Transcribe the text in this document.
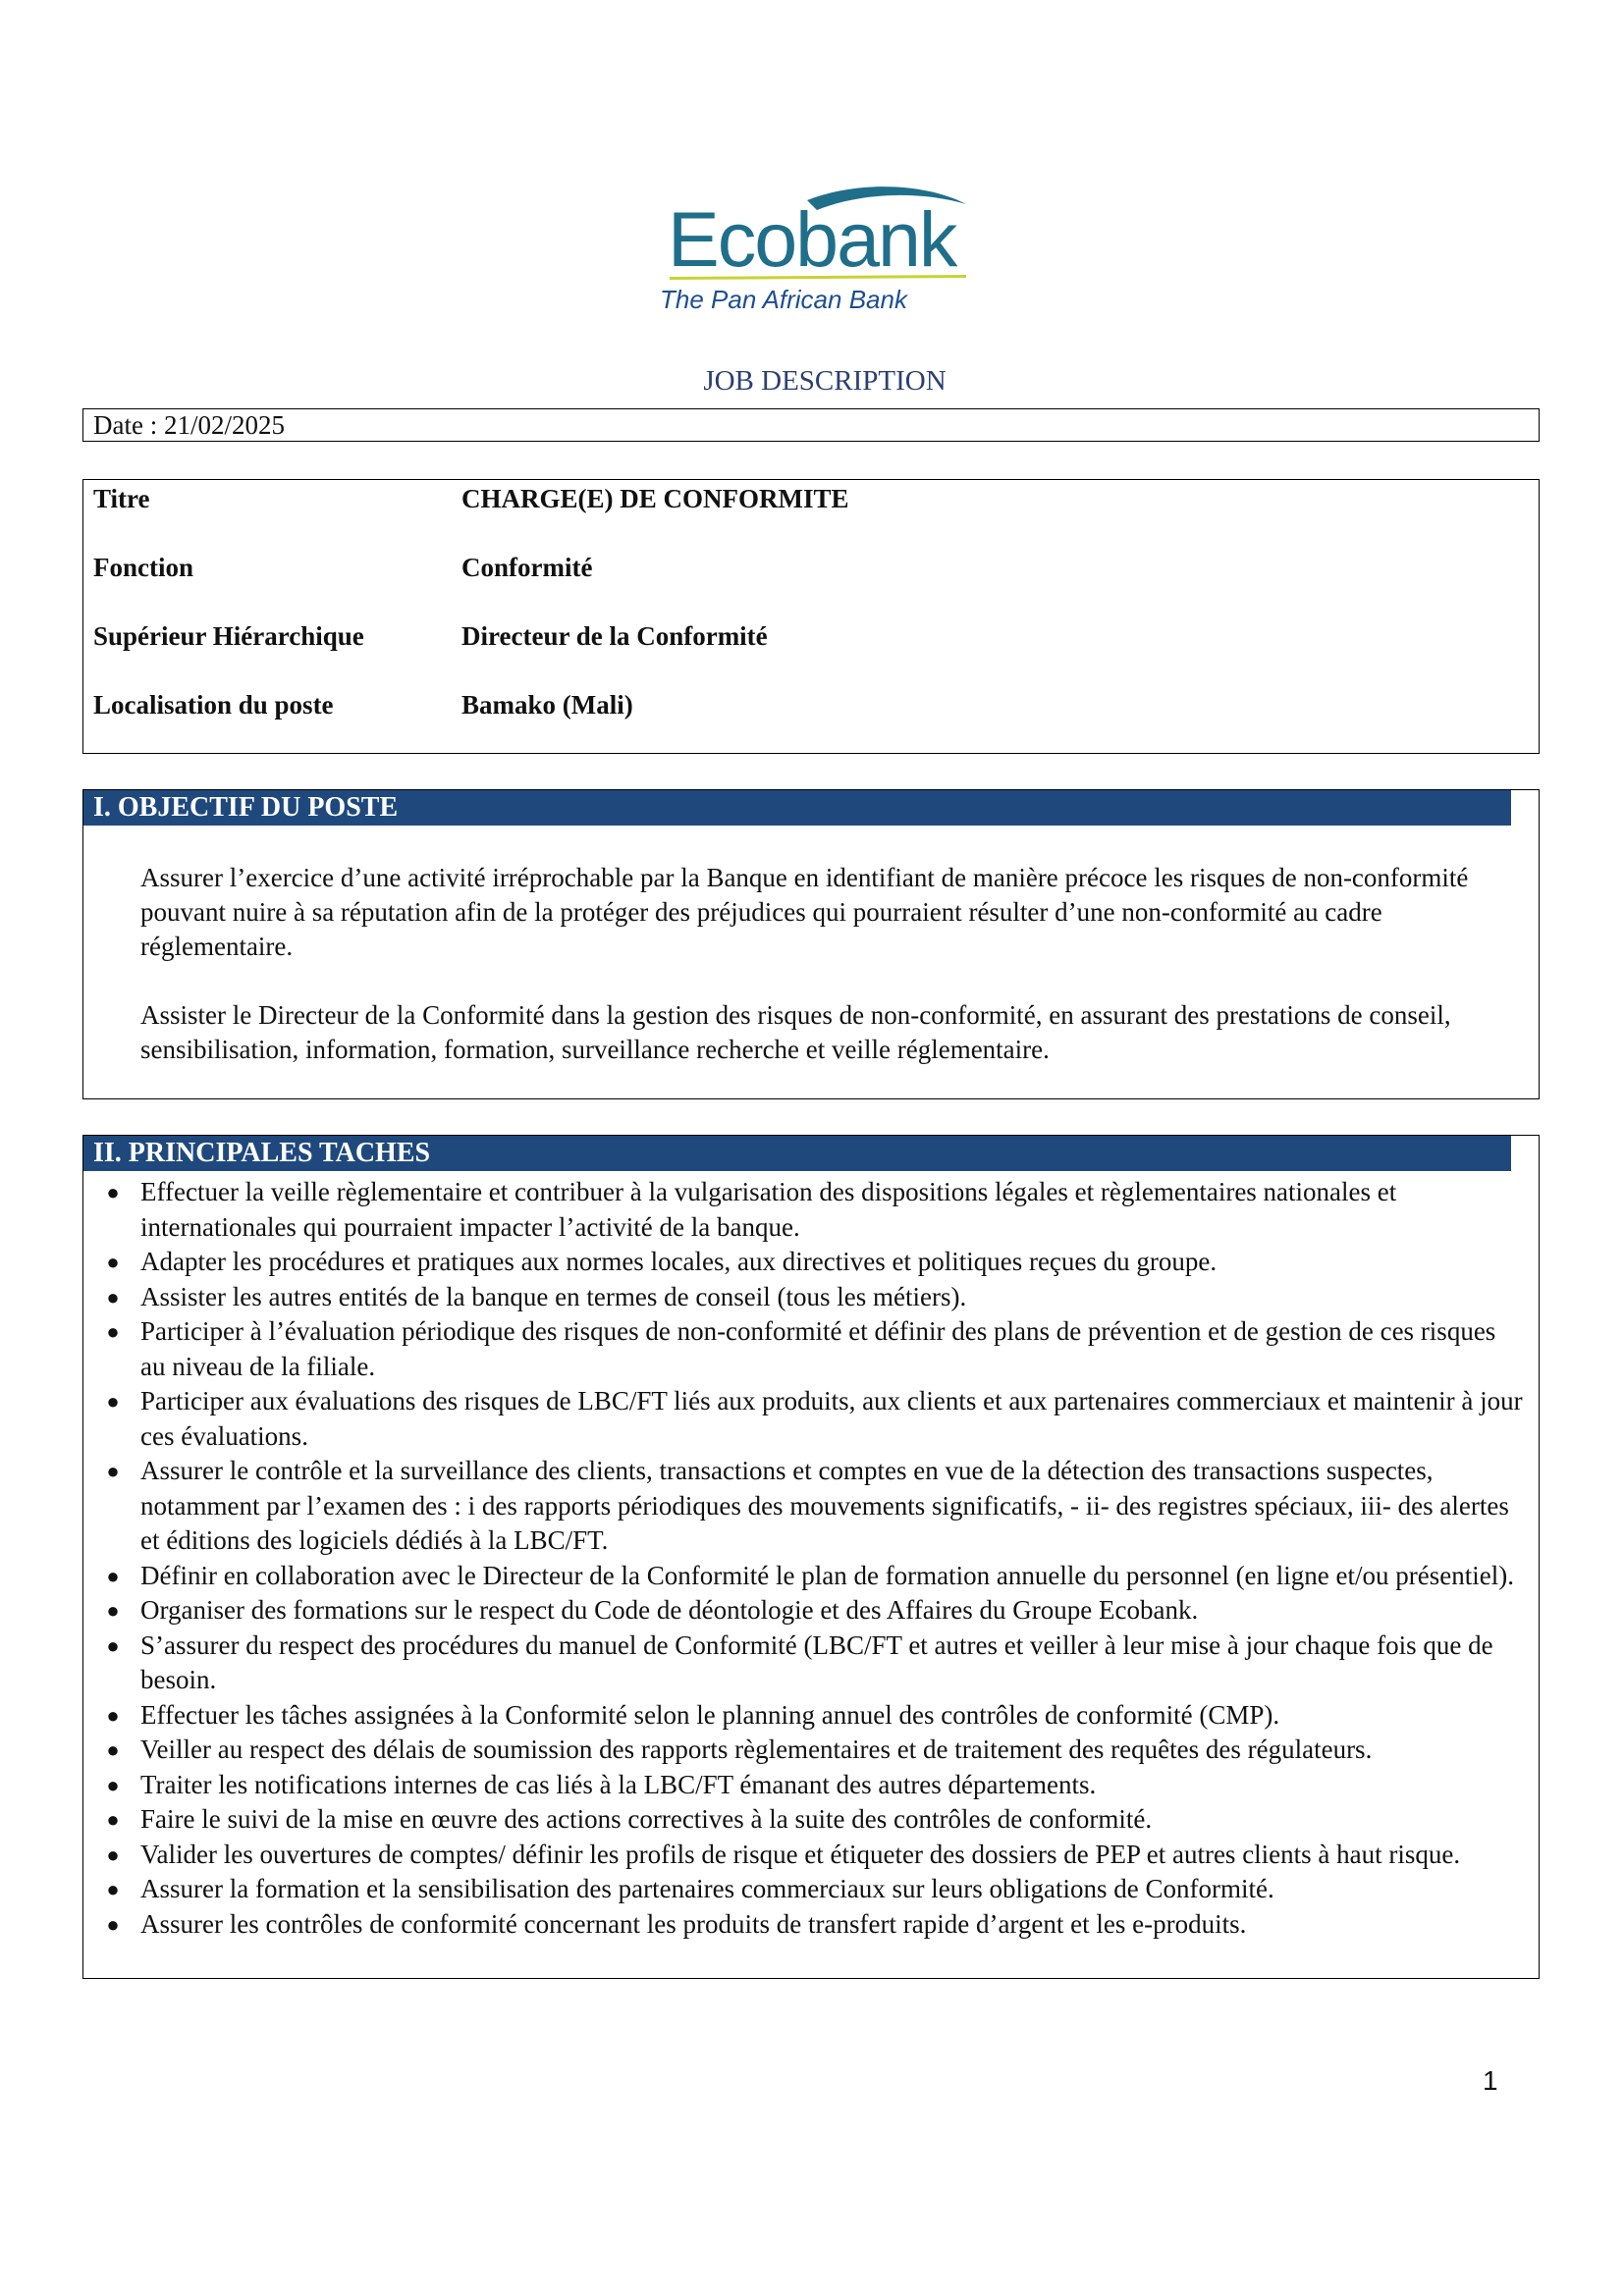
Ecobank
The Pan African Bank
JOB DESCRIPTION
Date : 21/02/2025
Titre	CHARGE(E) DE CONFORMITE
Fonction	Conformité
Supérieur Hiérarchique	Directeur de la Conformité
Localisation du poste	Bamako (Mali)
I. OBJECTIF DU POSTE

Assurer l’exercice d’une activité irréprochable par la Banque en identifiant de manière précoce les risques de non-conformité pouvant nuire à sa réputation afin de la protéger des préjudices qui pourraient résulter d’une non-conformité au cadre réglementaire.

Assister le Directeur de la Conformité dans la gestion des risques de non-conformité, en assurant des prestations de conseil, sensibilisation, information, formation, surveillance recherche et veille réglementaire.

II. PRINCIPALES TACHES
● Effectuer la veille règlementaire et contribuer à la vulgarisation des dispositions légales et règlementaires nationales et internationales qui pourraient impacter l’activité de la banque.
● Adapter les procédures et pratiques aux normes locales, aux directives et politiques reçues du groupe.
● Assister les autres entités de la banque en termes de conseil (tous les métiers).
● Participer à l’évaluation périodique des risques de non-conformité et définir des plans de prévention et de gestion de ces risques au niveau de la filiale.
● Participer aux évaluations des risques de LBC/FT liés aux produits, aux clients et aux partenaires commerciaux et maintenir à jour ces évaluations.
● Assurer le contrôle et la surveillance des clients, transactions et comptes en vue de la détection des transactions suspectes, notamment par l’examen des : i des rapports périodiques des mouvements significatifs, - ii- des registres spéciaux, iii- des alertes et éditions des logiciels dédiés à la LBC/FT.
● Définir en collaboration avec le Directeur de la Conformité le plan de formation annuelle du personnel (en ligne et/ou présentiel).
● Organiser des formations sur le respect du Code de déontologie et des Affaires du Groupe Ecobank.
● S’assurer du respect des procédures du manuel de Conformité (LBC/FT et autres et veiller à leur mise à jour chaque fois que de besoin.
● Effectuer les tâches assignées à la Conformité selon le planning annuel des contrôles de conformité (CMP).
● Veiller au respect des délais de soumission des rapports règlementaires et de traitement des requêtes des régulateurs.
● Traiter les notifications internes de cas liés à la LBC/FT émanant des autres départements.
● Faire le suivi de la mise en œuvre des actions correctives à la suite des contrôles de conformité.
● Valider les ouvertures de comptes/ définir les profils de risque et étiqueter des dossiers de PEP et autres clients à haut risque.
● Assurer la formation et la sensibilisation des partenaires commerciaux sur leurs obligations de Conformité.
● Assurer les contrôles de conformité concernant les produits de transfert rapide d’argent et les e-produits.
1
